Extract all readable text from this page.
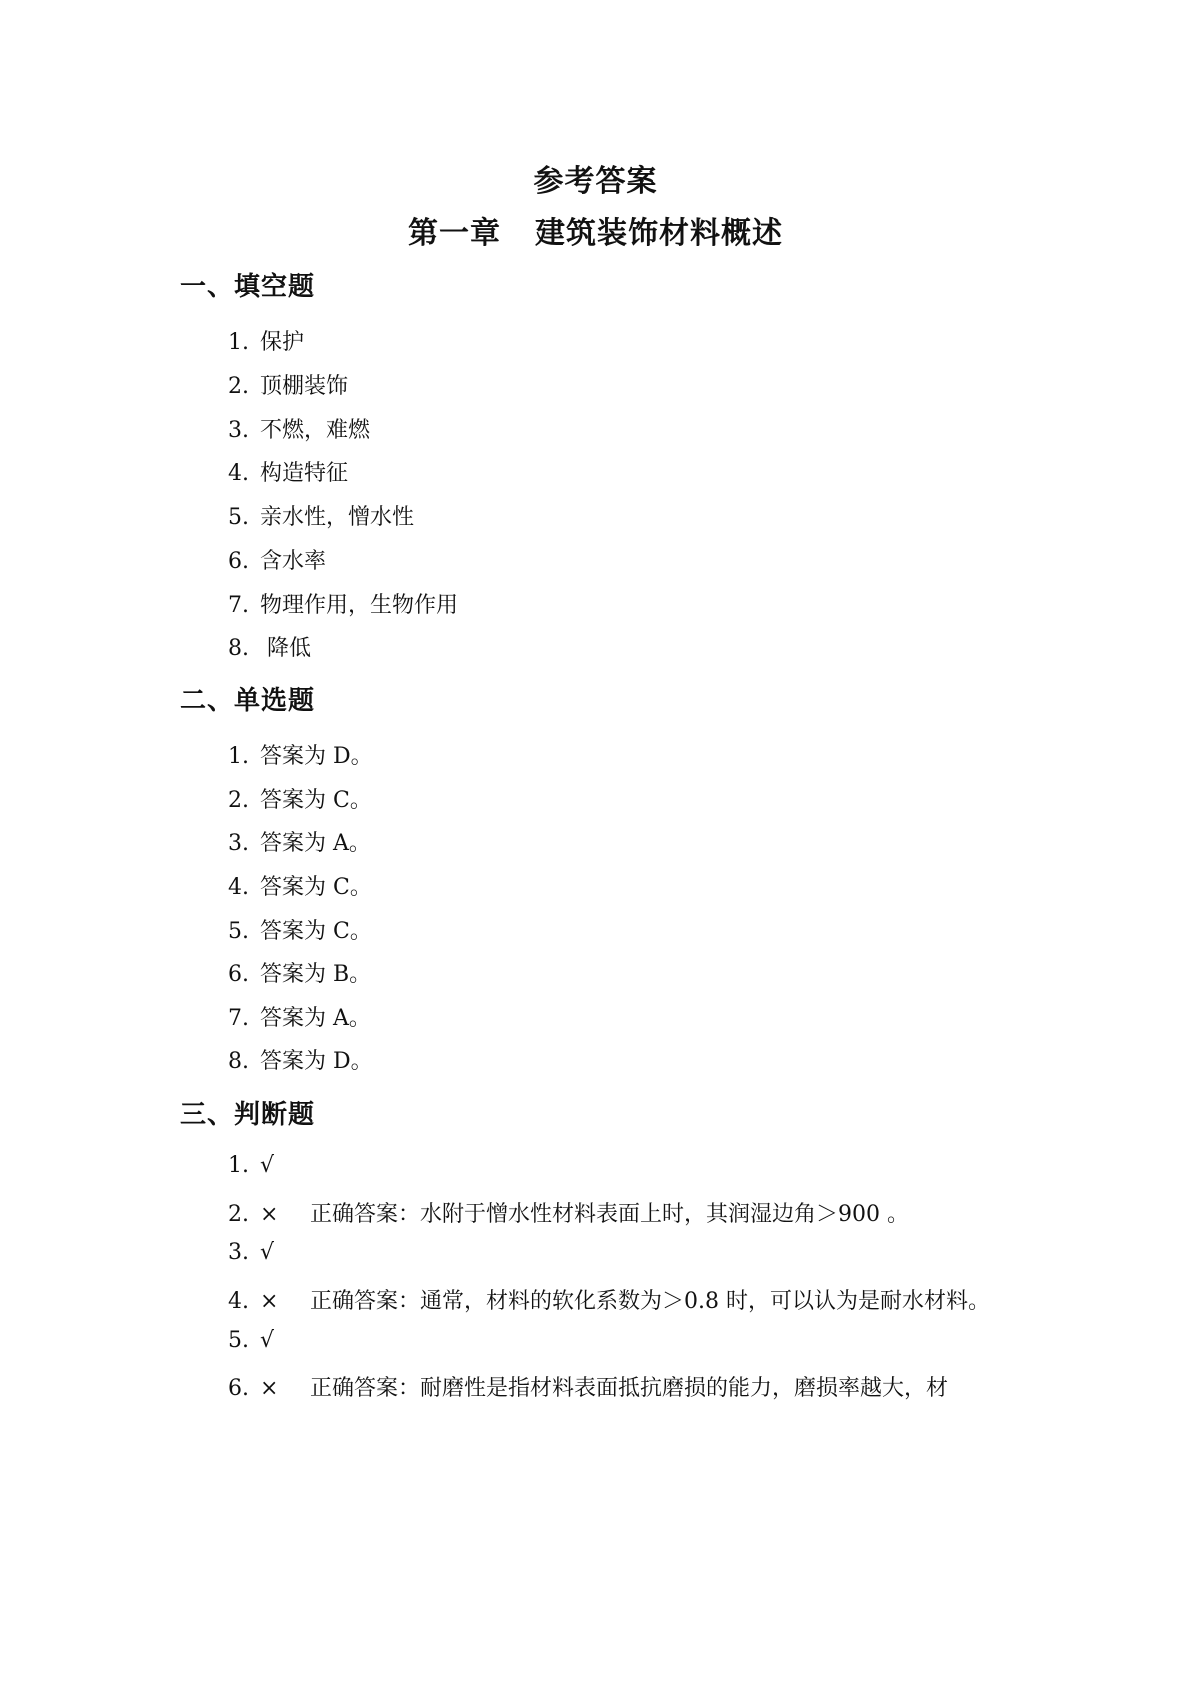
参考答案
第一章 建筑装饰材料概述
一、填空题
1. 保护
2. 顶棚装饰
3. 不燃，难燃
4. 构造特征
5. 亲水性，憎水性
6. 含水率
7. 物理作用，生物作用
8. 降低
二、单选题
1. 答案为 D。
2. 答案为 C。
3. 答案为 A。
4. 答案为 C。
5. 答案为 C。
6. 答案为 B。
7. 答案为 A。
8. 答案为 D。
三、判断题
1. √
2. × 正确答案：水附于憎水性材料表面上时，其润湿边角＞900 。
3. √
4. × 正确答案：通常，材料的软化系数为＞0.8 时，可以认为是耐水材料。
5. √
6. × 正确答案：耐磨性是指材料表面抵抗磨损的能力，磨损率越大，材
